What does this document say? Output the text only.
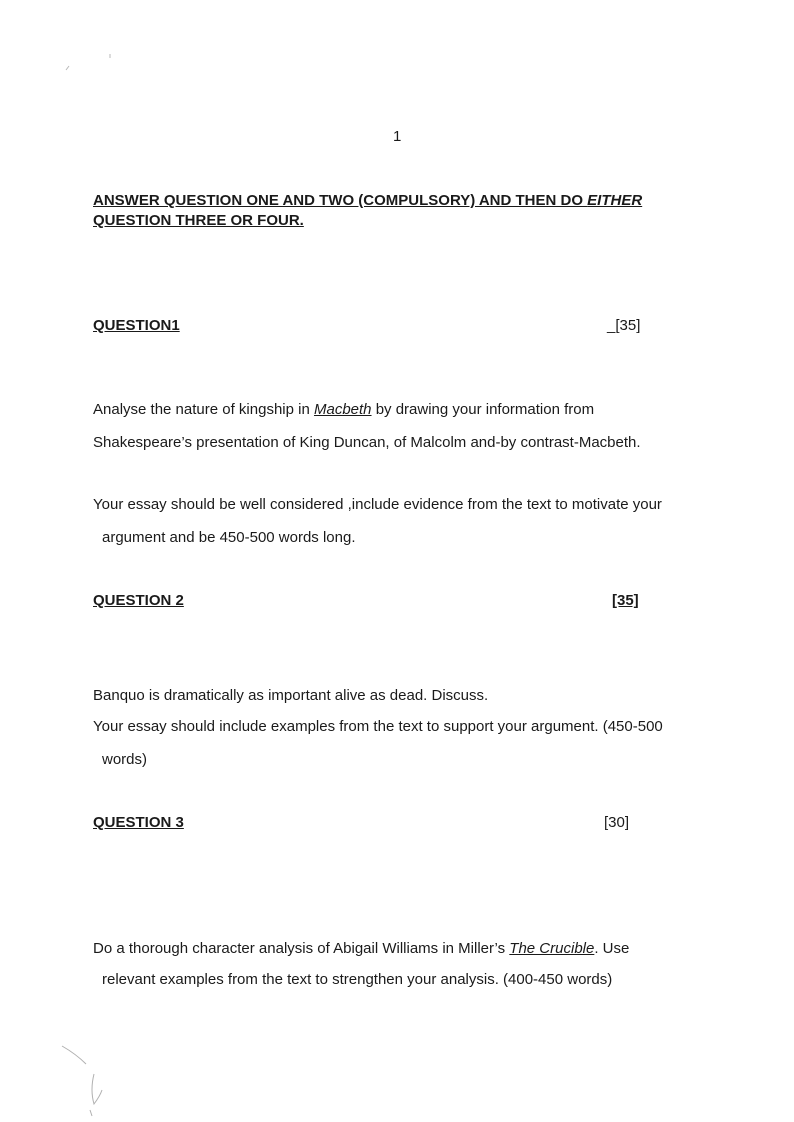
1
ANSWER QUESTION ONE AND TWO (COMPULSORY) AND THEN DO EITHER
QUESTION THREE OR FOUR.
QUESTION1	_[35]
Analyse the nature of kingship in Macbeth by drawing your information from
Shakespeare’s presentation of King Duncan, of Malcolm and-by contrast-Macbeth.
Your essay should be well considered ,include evidence from the text to motivate your
argument and be 450-500 words long.
QUESTION 2	[35]
Banquo is dramatically as important alive as dead. Discuss.
Your essay should include examples from the text to support your argument. (450-500
words)
QUESTION 3	[30]
Do a thorough character analysis of Abigail Williams in Miller’s The Crucible. Use
relevant examples from the text to strengthen your analysis. (400-450 words)
